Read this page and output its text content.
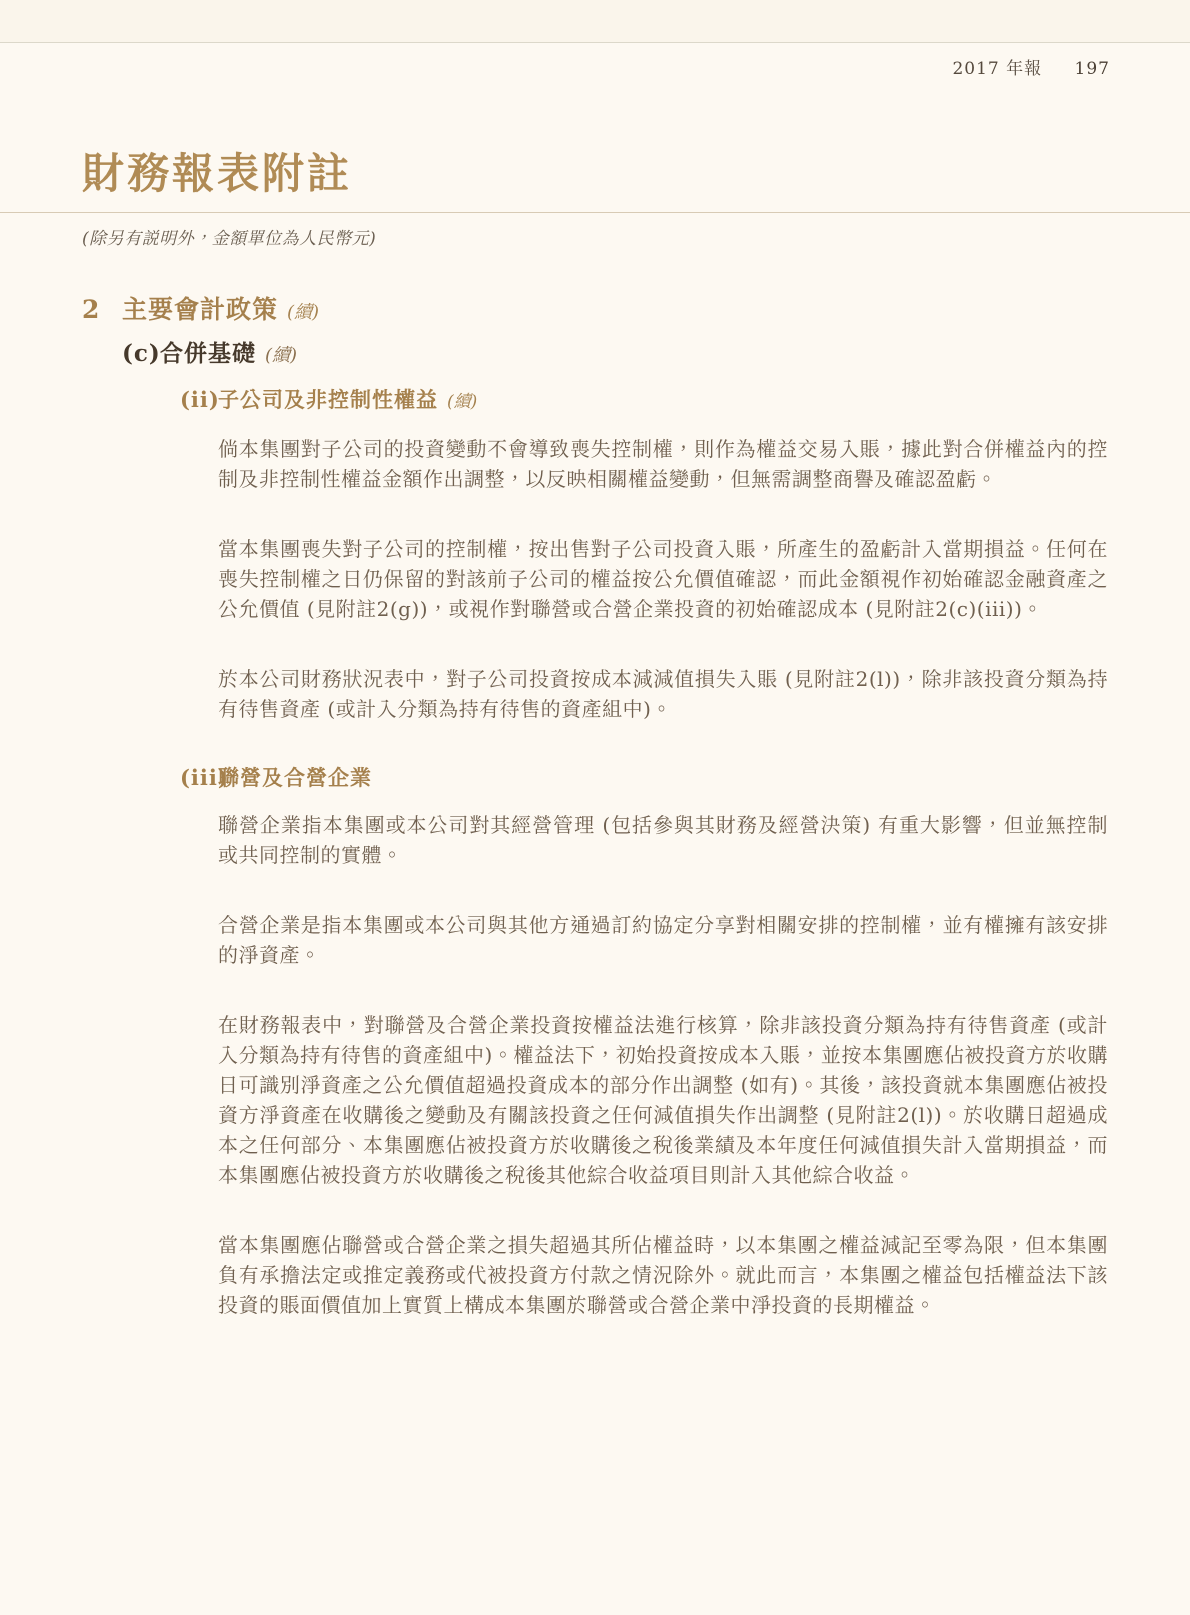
2017 年報 197
財務報表附註
(除另有説明外，金額單位為人民幣元)
2 主要會計政策 (續)
(c) 合併基礎 (續)
(ii)
子公司及非控制性權益 (續)

倘本集團對子公司的投資變動不會導致喪失控制權，則作為權益交易入賬，據此對合併權益內的控制及非控制性權益金額作出調整，以反映相關權益變動，但無需調整商譽及確認盈虧。

當本集團喪失對子公司的控制權，按出售對子公司投資入賬，所產生的盈虧計入當期損益。任何在喪失控制權之日仍保留的對該前子公司的權益按公允價值確認，而此金額視作初始確認金融資產之公允價值 (見附註2(g))，或視作對聯營或合營企業投資的初始確認成本 (見附註2(c)(iii))。

於本公司財務狀況表中，對子公司投資按成本減減值損失入賬 (見附註2(l))，除非該投資分類為持有待售資產 (或計入分類為持有待售的資產組中)。

(iii)
聯營及合營企業

聯營企業指本集團或本公司對其經營管理 (包括參與其財務及經營決策) 有重大影響，但並無控制或共同控制的實體。

合營企業是指本集團或本公司與其他方通過訂約協定分享對相關安排的控制權，並有權擁有該安排的淨資產。

在財務報表中，對聯營及合營企業投資按權益法進行核算，除非該投資分類為持有待售資產 (或計入分類為持有待售的資產組中)。權益法下，初始投資按成本入賬，並按本集團應佔被投資方於收購日可識別淨資產之公允價值超過投資成本的部分作出調整 (如有)。其後，該投資就本集團應佔被投資方淨資產在收購後之變動及有關該投資之任何減值損失作出調整 (見附註2(l))。於收購日超過成本之任何部分、本集團應佔被投資方於收購後之稅後業績及本年度任何減值損失計入當期損益，而本集團應佔被投資方於收購後之稅後其他綜合收益項目則計入其他綜合收益。

當本集團應佔聯營或合營企業之損失超過其所佔權益時，以本集團之權益減記至零為限，但本集團負有承擔法定或推定義務或代被投資方付款之情況除外。就此而言，本集團之權益包括權益法下該投資的賬面價值加上實質上構成本集團於聯營或合營企業中淨投資的長期權益。
